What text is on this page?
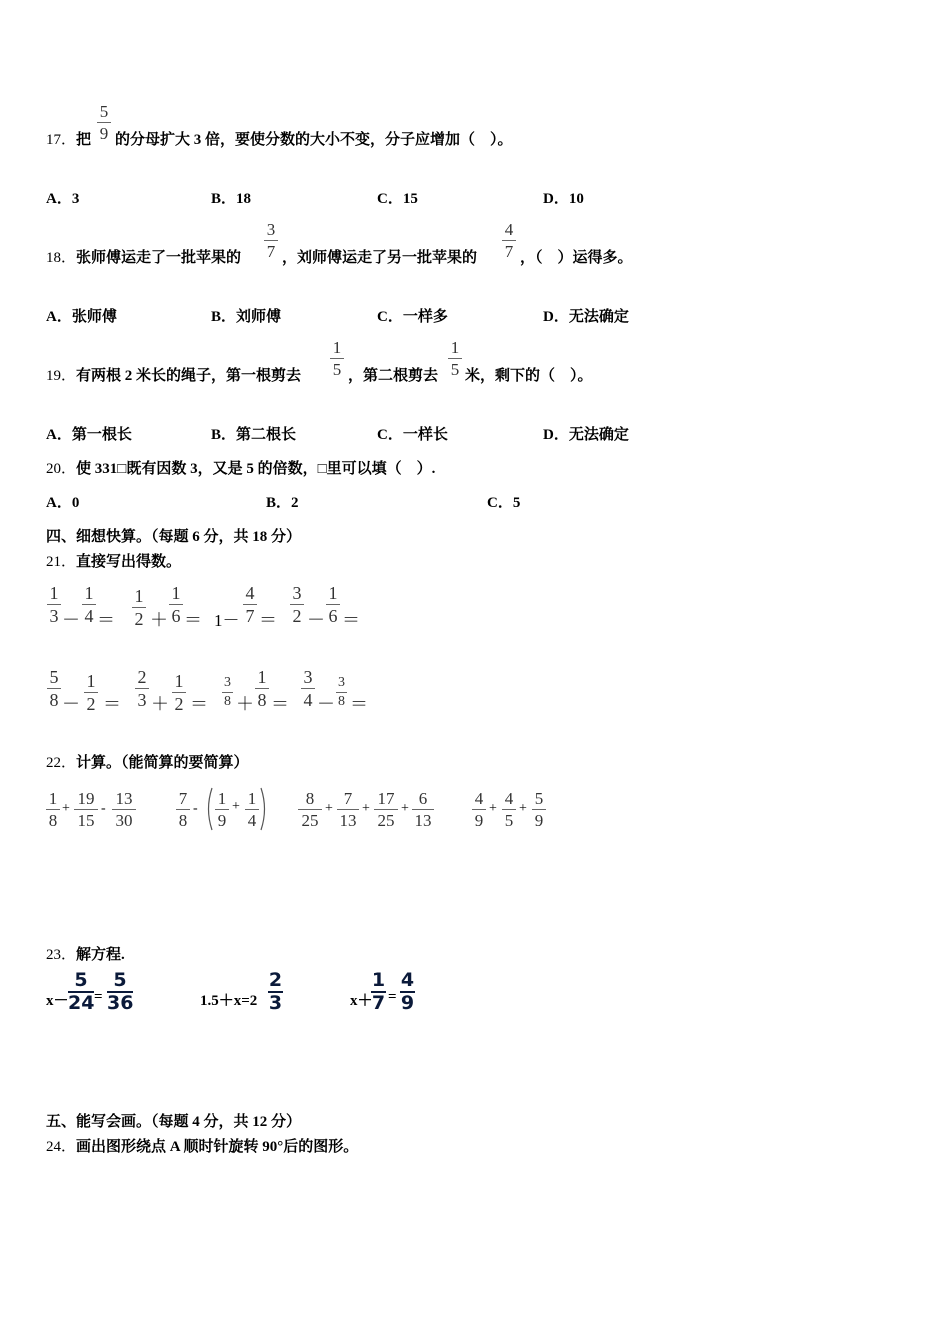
17．把
5
9 的分母扩大 3 倍，要使分数的大小不变，分子应增加（　）。
A．3	B．18	C．15	D．10
18．张师傅运走了一批苹果的
3
7 ，刘师傅运走了另一批苹果的
4
7 ，（　）运得多。
A．张师傅	B．刘师傅	C．一样多	D．无法确定
19．有两根 2 米长的绳子，第一根剪去
1
5 ，第二根剪去
1
5 米，剩下的（　）。
A．第一根长	B．第二根长	C．一样长	D．无法确定
20．使 331□既有因数 3，又是 5 的倍数，□里可以填（　）.
A．0	B．2	C．5
四、细想快算。（每题 6 分，共 18 分）
21．直接写出得数。
1
3 －
1
4 ＝
1
2 ＋
1
6 ＝ 1－
4
7 ＝
3
2 －
1
6 ＝
5
8 －
1
2 ＝
2
3 ＋
1
2 ＝
3
8 ＋
1
8 ＝
3
4 －
3
8 ＝
22．计算。（能简算的要简算）
1
8
+
19
15
-
13
30
7
8
-
1
9
+ 1
4
8
25
+
7
13
+
17
25
+
6
13
4
9
+
4
5
+
5
9
23．解方程.
x－
5
24 =
5
36	1.5＋x=2
2
3	x＋
1
7 =
4
9
五、能写会画。（每题 4 分，共 12 分）
24．画出图形绕点 A 顺时针旋转 90°后的图形。
